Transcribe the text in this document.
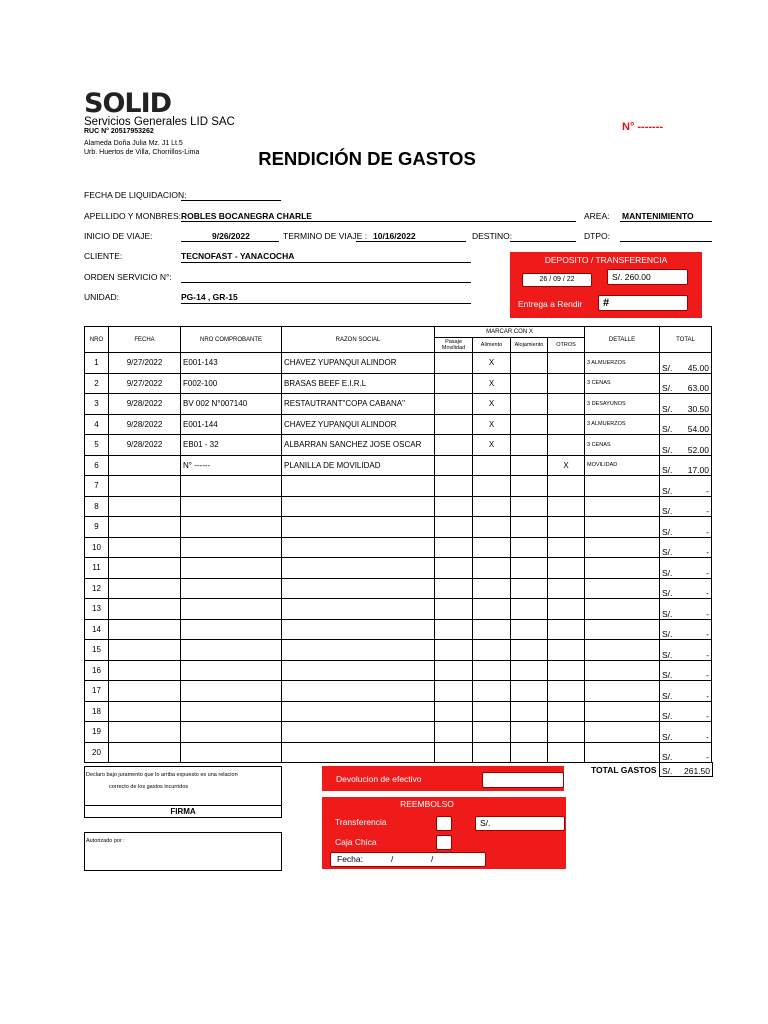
SOLID
Servicios Generales LID SAC
RUC N° 20517953262
Alameda Doña Julia Mz. J1 Lt.5
Urb. Huertos de Villa, Chorrillos-Lima
N° -------
RENDICIÓN DE GASTOS
FECHA DE LIQUIDACION:
APELLIDO Y MONBRES: ROBLES BOCANEGRA CHARLE	AREA: MANTENIMIENTO
INICIO DE VIAJE:	9/26/2022	TERMINO DE VIAJE : 10/16/2022	DESTINO:	DTPO:
CLIENTE:	TECNOFAST - YANACOCHA
ORDEN SERVICIO N°:
UNIDAD:	PG-14 , GR-15
DEPOSITO / TRANSFERENCIA
26 / 09 / 22	S/. 260.00
Entrega a Rendir	#
NRO	FECHA	NRO COMPROBANTE	RAZON SOCIAL	MARCAR CON X				DETALLE	TOTAL
				Pasaje Movilidad	Alimento	Alojamiento	OTROS		
1	9/27/2022	E001-143	CHAVEZ YUPANQUI ALINDOR		X			3 ALMUERZOS	S/. 45.00

2	9/27/2022	F002-100	BRASAS BEEF E.I.R.L		X			3 CENAS	S/. 63.00

3	9/28/2022	BV 002 N°007140	RESTAUTRANT"COPA CABANA"		X			3 DESAYUNOS	S/. 30.50

4	9/28/2022	E001-144	CHAVEZ YUPANQUI ALINDOR		X			3 ALMUERZOS	S/. 54.00

5	9/28/2022	EB01 - 32	ALBARRAN SANCHEZ JOSE OSCAR		X			3 CENAS	S/. 52.00

6		N° ------	PLANILLA DE MOVILIDAD				X	MOVILIDAD	S/. 17.00

7									S/. -

8									S/. -

9									S/. -

10									S/. -

11									S/. -

12									S/. -

13									S/. -

14									S/. -

15									S/. -

16									S/. -

17									S/. -

18									S/. -

19									S/. -

20									S/. -
TOTAL GASTOS S/. 261.50
Declaro bajo juramento que lo arriba expuesto es una relacion
correcto de los gastos incurridos
FIRMA
Autorizado por :
Devolucion de efectivo
REEMBOLSO
Transferencia	S/.
Caja Chica
Fecha:	/	/
